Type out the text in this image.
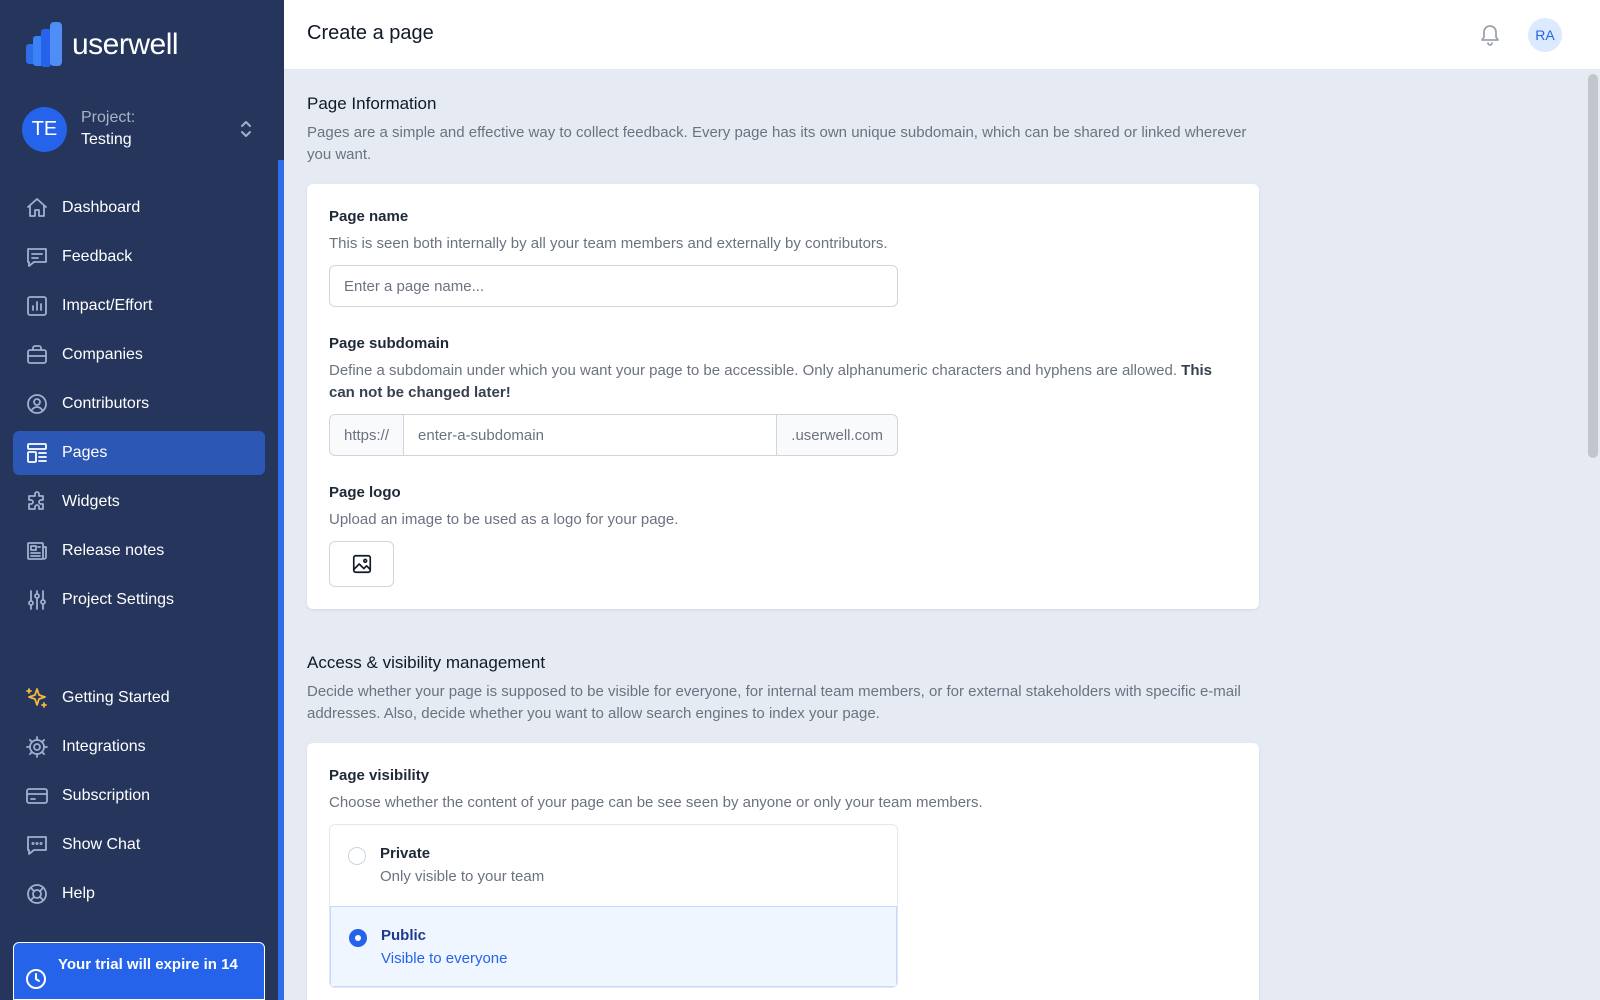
userwell
TE	Project:
Testing
Dashboard
Feedback
Impact/Effort
Companies
Contributors
Pages
Widgets
Release notes
Project Settings
Getting Started
Integrations
Subscription
Show Chat
Help
Your trial will expire in 14
Create a page	RA
Page Information

Pages are a simple and effective way to collect feedback. Every page has its own unique subdomain, which can be shared or linked wherever you want.

Page name
This is seen both internally by all your team members and externally by contributors.
Enter a page name...
Page subdomain
Define a subdomain under which you want your page to be accessible. Only alphanumeric characters and hyphens are allowed. This can not be changed later!
https://
enter-a-subdomain	.userwell.com
Page logo
Upload an image to be used as a logo for your page.
Access & visibility management

Decide whether your page is supposed to be visible for everyone, for internal team members, or for external stakeholders with specific e-mail addresses. Also, decide whether you want to allow search engines to index your page.

Page visibility
Choose whether the content of your page can be see seen by anyone or only your team members.
Private
Only visible to your team
Public
Visible to everyone
